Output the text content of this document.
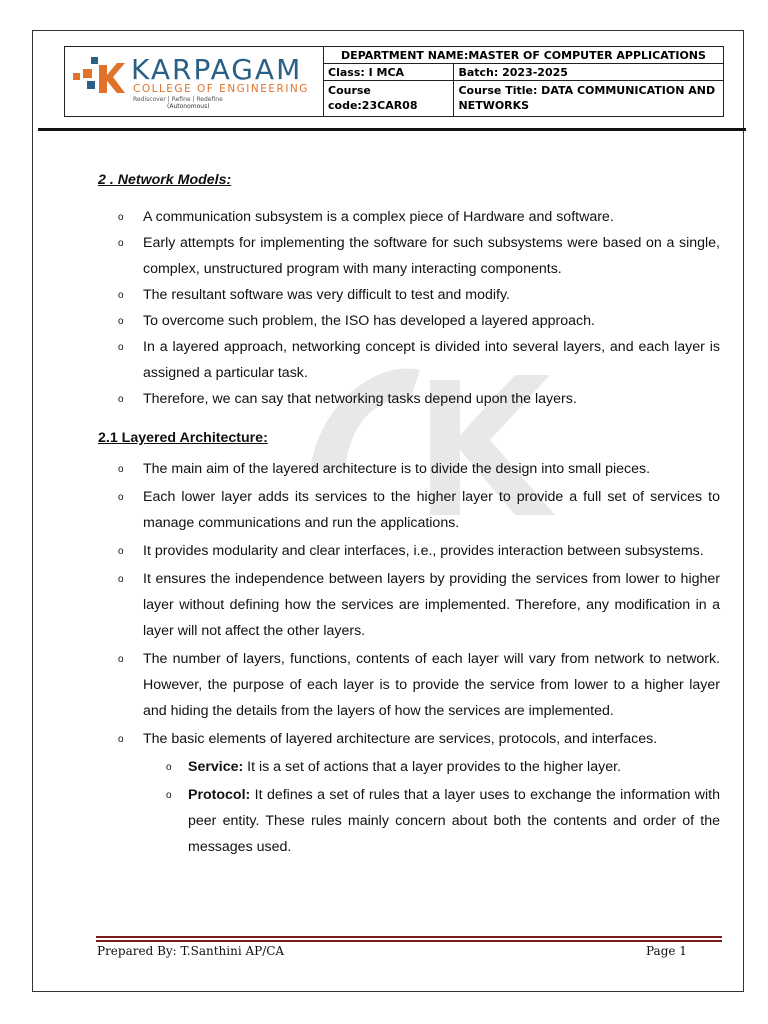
KARPAGAM
COLLEGE OF ENGINEERING
Rediscover | Refine | Redefine
(Autonomous)	DEPARTMENT NAME:MASTER OF COMPUTER APPLICATIONS	
	Class: I MCA	Batch: 2023-2025
	Course code:23CAR08	Course Title: DATA COMMUNICATION AND NETWORKS
2 . Network Models:
o A communication subsystem is a complex piece of Hardware and software.
o Early attempts for implementing the software for such subsystems were based on a single, complex, unstructured program with many interacting components.
o The resultant software was very difficult to test and modify.
o To overcome such problem, the ISO has developed a layered approach.
o In a layered approach, networking concept is divided into several layers, and each layer is assigned a particular task.
o Therefore, we can say that networking tasks depend upon the layers.
2.1 Layered Architecture:
o The main aim of the layered architecture is to divide the design into small pieces.
o Each lower layer adds its services to the higher layer to provide a full set of services to manage communications and run the applications.
o It provides modularity and clear interfaces, i.e., provides interaction between subsystems.
o It ensures the independence between layers by providing the services from lower to higher layer without defining how the services are implemented. Therefore, any modification in a layer will not affect the other layers.
o The number of layers, functions, contents of each layer will vary from network to network. However, the purpose of each layer is to provide the service from lower to a higher layer and hiding the details from the layers of how the services are implemented.
o The basic elements of layered architecture are services, protocols, and interfaces.
o Service: It is a set of actions that a layer provides to the higher layer.
o Protocol: It defines a set of rules that a layer uses to exchange the information with peer entity. These rules mainly concern about both the contents and order of the messages used.
Prepared By: T.Santhini AP/CA	Page 1
